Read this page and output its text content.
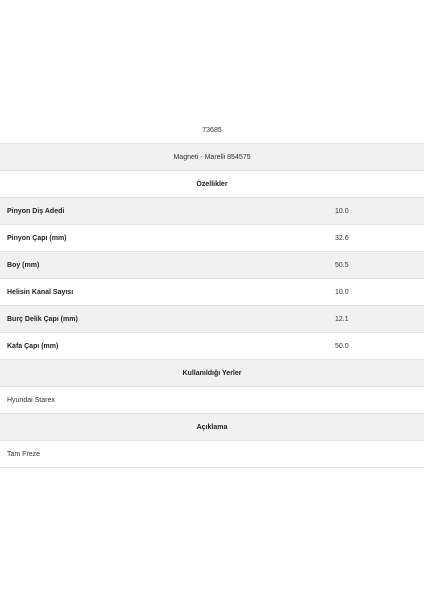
73685
Magneti - Marelli 854575
Özellikler
Pinyon Diş Adedi	10.0
Pinyon Çapı (mm)	32.6
Boy (mm)	50.5
Helisin Kanal Sayısı	10.0
Burç Delik Çapı (mm)	12.1
Kafa Çapı (mm)	50.0
Kullanıldığı Yerler
Hyundai Starex
Açıklama
Tam Freze
